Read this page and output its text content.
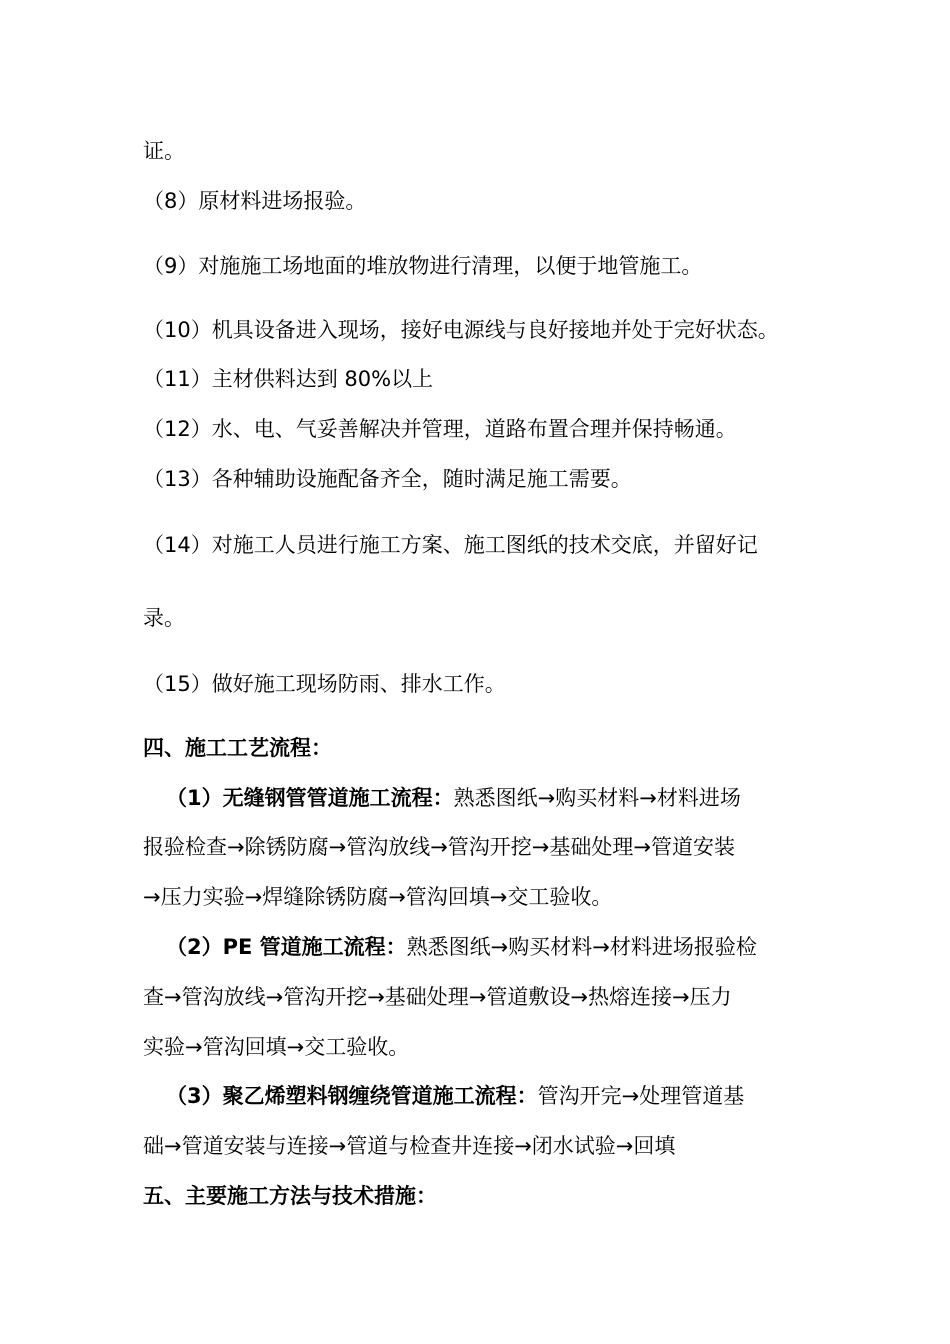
证。
（8）原材料进场报验。
（9）对施施工场地面的堆放物进行清理，以便于地管施工。
（10）机具设备进入现场，接好电源线与良好接地并处于完好状态。
（11）主材供料达到 80%以上
（12）水、电、气妥善解决并管理，道路布置合理并保持畅通。
（13）各种辅助设施配备齐全，随时满足施工需要。
（14）对施工人员进行施工方案、施工图纸的技术交底，并留好记
录。
（15）做好施工现场防雨、排水工作。
四、施工工艺流程：
（1）无缝钢管管道施工流程：熟悉图纸→购买材料→材料进场
报验检查→除锈防腐→管沟放线→管沟开挖→基础处理→管道安装
→压力实验→焊缝除锈防腐→管沟回填→交工验收。
（2）PE 管道施工流程：熟悉图纸→购买材料→材料进场报验检
查→管沟放线→管沟开挖→基础处理→管道敷设→热熔连接→压力
实验→管沟回填→交工验收。
（3）聚乙烯塑料钢缠绕管道施工流程：管沟开完→处理管道基
础→管道安装与连接→管道与检查井连接→闭水试验→回填
五、主要施工方法与技术措施：
